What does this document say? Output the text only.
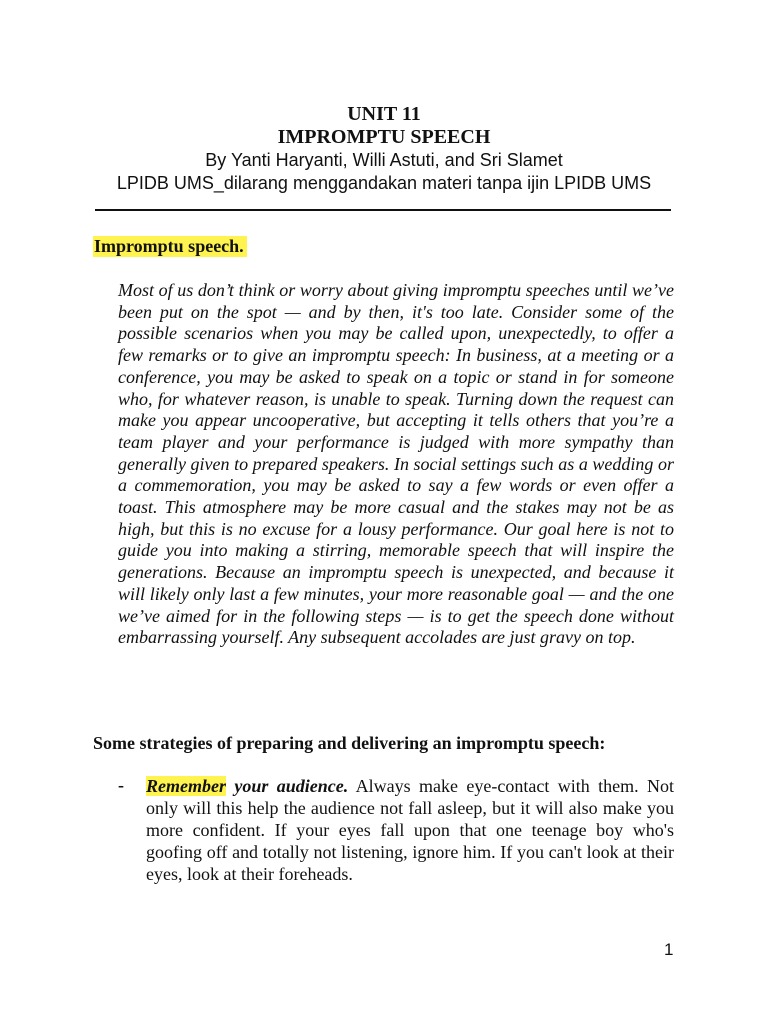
UNIT 11
IMPROMPTU SPEECH
By Yanti Haryanti, Willi Astuti, and Sri Slamet
LPIDB UMS_dilarang menggandakan materi tanpa ijin LPIDB UMS
Impromptu speech.

Most of us don’t think or worry about giving impromptu speeches until we’ve been put on the spot — and by then, it's too late. Consider some of the possible scenarios when you may be called upon, unexpectedly, to offer a few remarks or to give an impromptu speech: In business, at a meeting or a conference, you may be asked to speak on a topic or stand in for someone who, for whatever reason, is unable to speak. Turning down the request can make you appear uncooperative, but accepting it tells others that you’re a team player and your performance is judged with more sympathy than generally given to prepared speakers. In social settings such as a wedding or a commemoration, you may be asked to say a few words or even offer a toast. This atmosphere may be more casual and the stakes may not be as high, but this is no excuse for a lousy performance. Our goal here is not to guide you into making a stirring, memorable speech that will inspire the generations. Because an impromptu speech is unexpected, and because it will likely only last a few minutes, your more reasonable goal — and the one we’ve aimed for in the following steps — is to get the speech done without embarrassing yourself. Any subsequent accolades are just gravy on top.

Some strategies of preparing and delivering an impromptu speech:
- Remember your audience. Always make eye-contact with them. Not only will this help the audience not fall asleep, but it will also make you more confident. If your eyes fall upon that one teenage boy who's goofing off and totally not listening, ignore him. If you can't look at their eyes, look at their foreheads.

1
